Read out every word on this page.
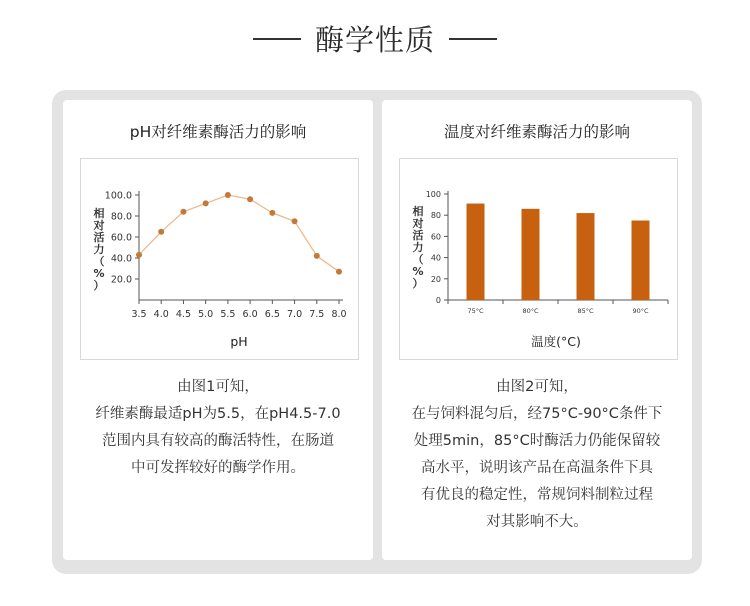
酶学性质
pH对纤维素酶活力的影响
相
对
活
力
（
%
） 20.0
40.0
60.0
80.0
100.0
3.5 4.0 4.5 5.0 5.5 6.0 6.5 7.0 7.5 8.0
pH
由图1可知，
纤维素酶最适pH为5.5，在pH4.5-7.0
范围内具有较高的酶活特性，在肠道
中可发挥较好的酶学作用。
温度对纤维素酶活力的影响
相
对
活
力
（
%
）
0
20
40
60
80
100
75°C	80°C	85°C	90°C
温度(°C)
由图2可知，
在与饲料混匀后，经75°C-90°C条件下
处理5min，85°C时酶活力仍能保留较
高水平，说明该产品在高温条件下具
有优良的稳定性，常规饲料制粒过程
对其影响不大。
